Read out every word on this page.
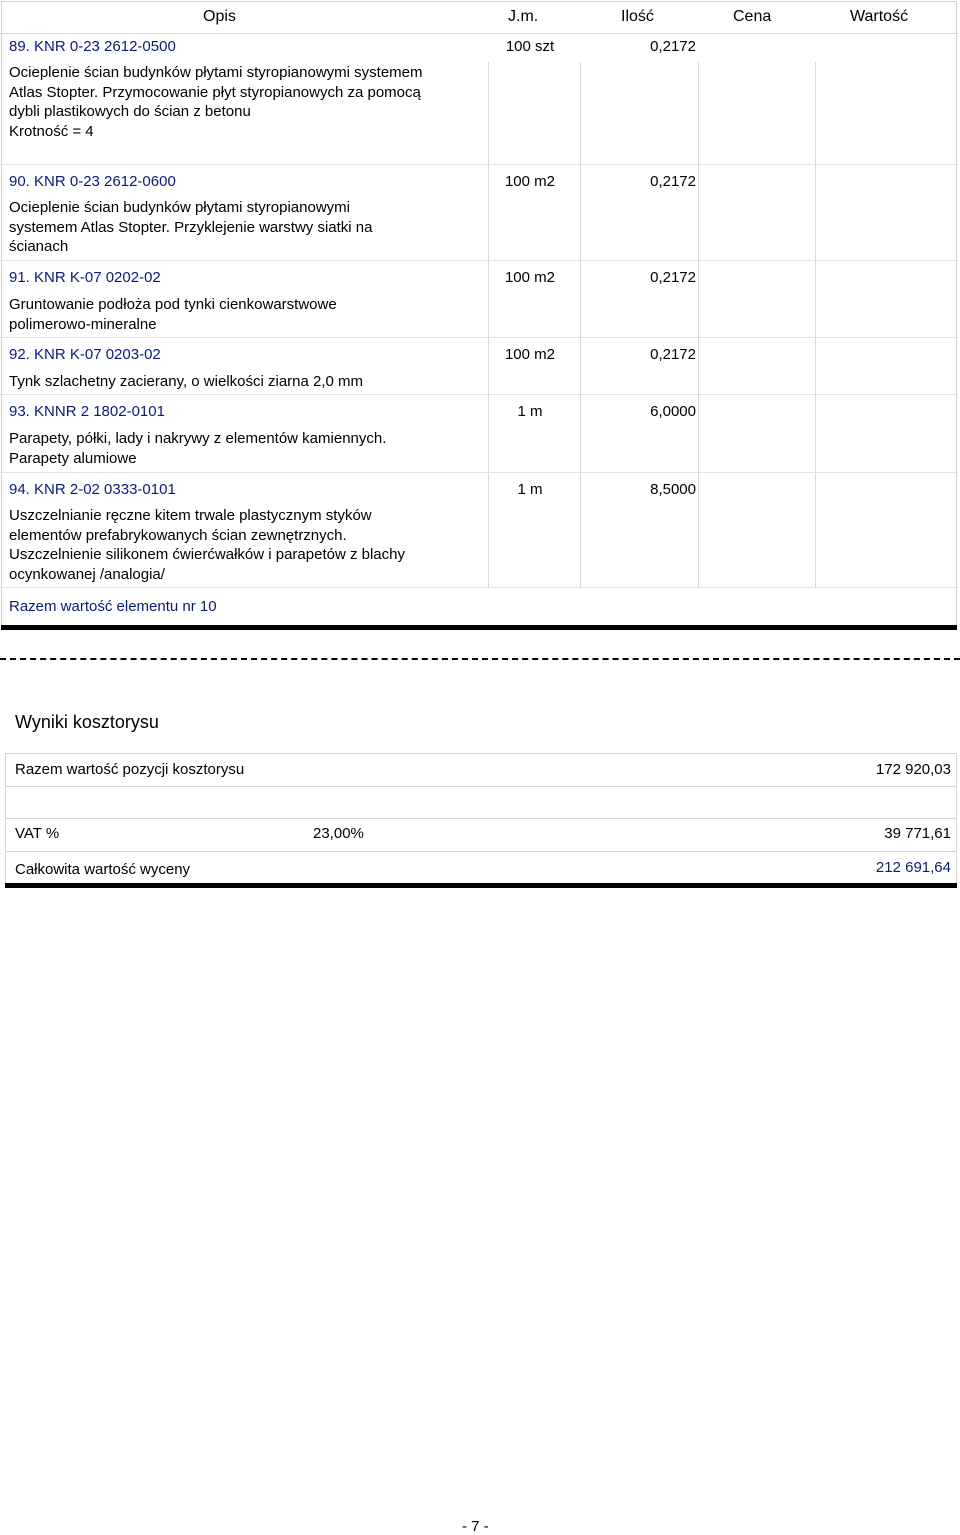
Opis	J.m.	Ilość	Cena	Wartość
89. KNR 0-23 2612-0500	100 szt	0,2172
Ocieplenie ścian budynków płytami styropianowymi systemem Atlas Stopter. Przymocowanie płyt styropianowych za pomocą dybli plastikowych do ścian z betonu
Krotność = 4
90. KNR 0-23 2612-0600	100 m2	0,2172
Ocieplenie ścian budynków płytami styropianowymi systemem Atlas Stopter. Przyklejenie warstwy siatki na ścianach
91. KNR K-07 0202-02	100 m2	0,2172
Gruntowanie podłoża pod tynki cienkowarstwowe polimerowo-mineralne
92. KNR K-07 0203-02	100 m2	0,2172
Tynk szlachetny zacierany, o wielkości ziarna 2,0 mm
93. KNNR 2 1802-0101	1 m	6,0000
Parapety, półki, lady i nakrywy z elementów kamiennych. Parapety alumiowe
94. KNR 2-02 0333-0101	1 m	8,5000
Uszczelnianie ręczne kitem trwale plastycznym styków elementów prefabrykowanych ścian zewnętrznych. Uszczelnienie silikonem ćwierćwałków i parapetów z blachy ocynkowanej /analogia/
Razem wartość elementu nr 10
Wyniki kosztorysu
Razem wartość pozycji kosztorysu	172 920,03
VAT %	23,00%	39 771,61
Całkowita wartość wyceny	212 691,64
- 7 -
